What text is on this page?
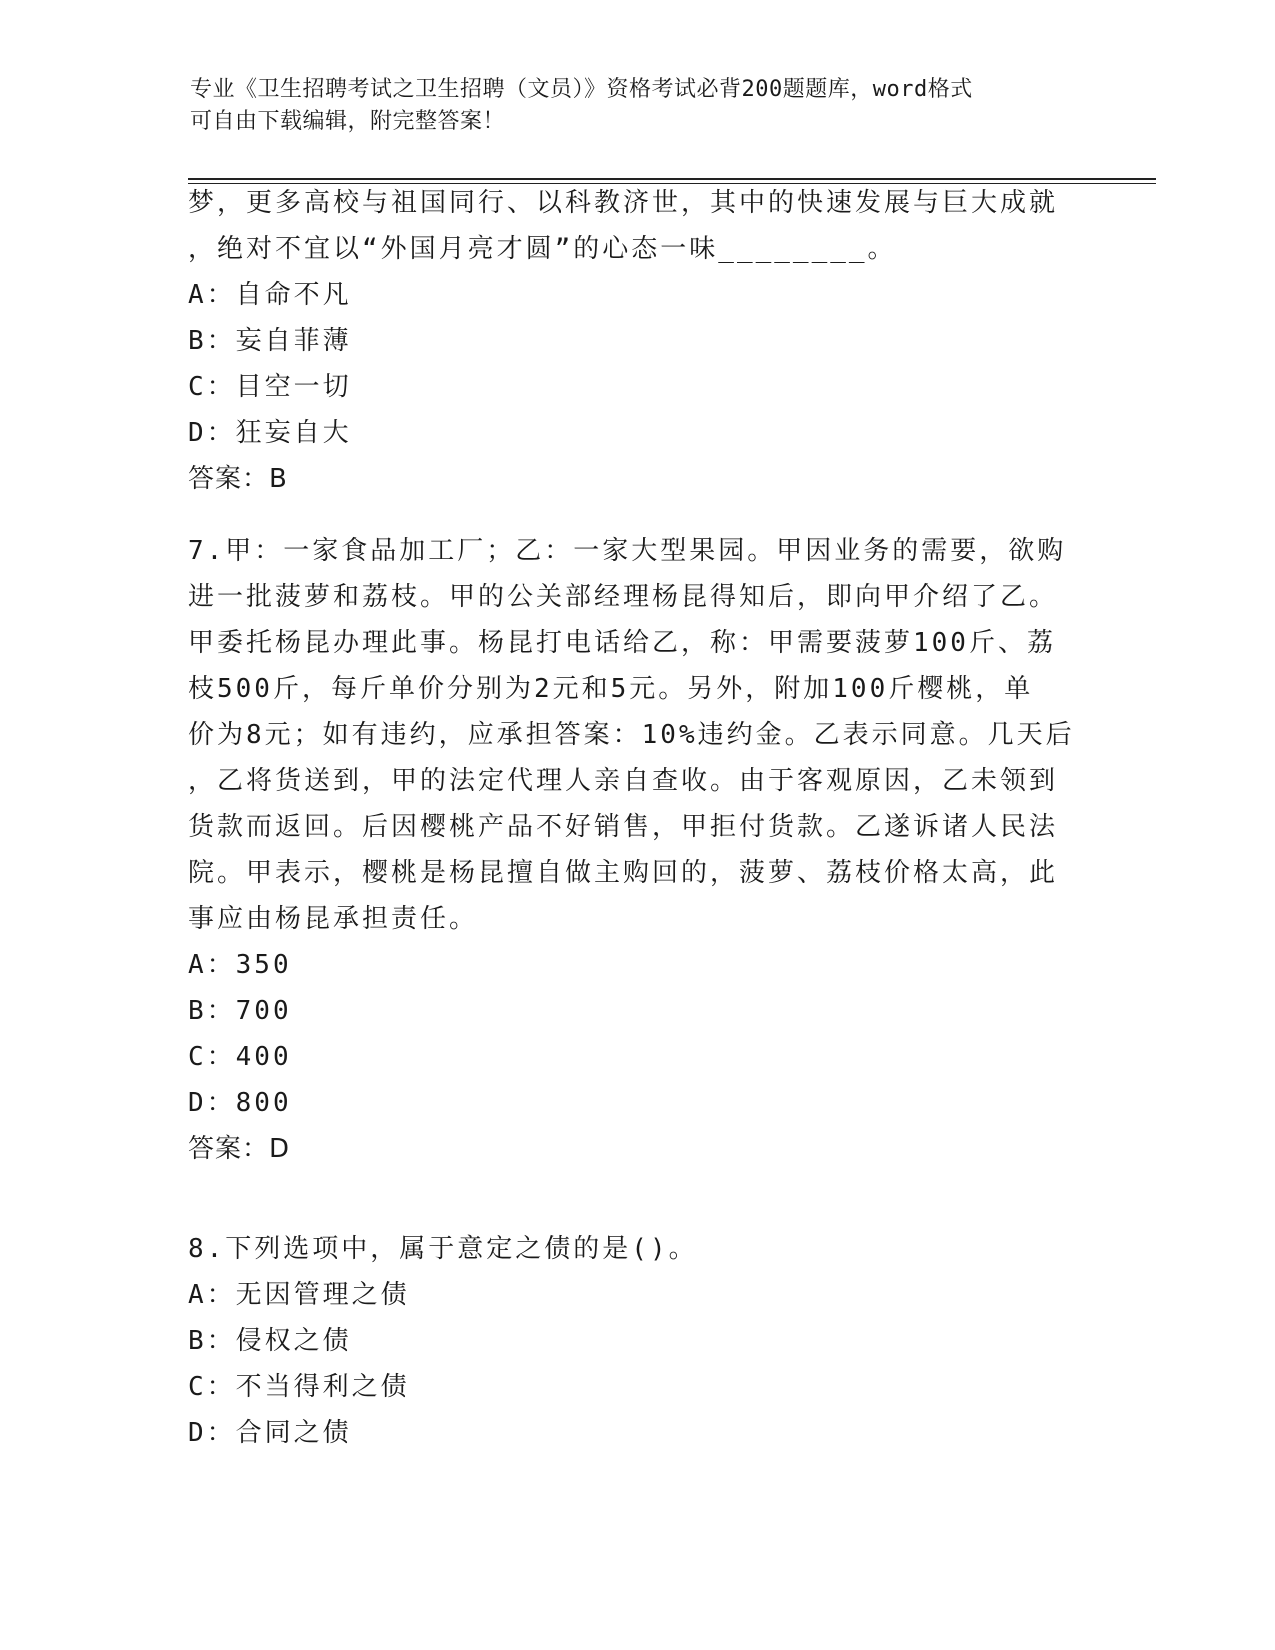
专业《卫生招聘考试之卫生招聘（文员）》资格考试必背200题题库，word格式
可自由下载编辑，附完整答案！
梦，更多高校与祖国同行、以科教济世，其中的快速发展与巨大成就
，绝对不宜以“外国月亮才圆”的心态一味________。
A：自命不凡
B：妄自菲薄
C：目空一切
D：狂妄自大
答案：B
7.甲：一家食品加工厂；乙：一家大型果园。甲因业务的需要，欲购
进一批菠萝和荔枝。甲的公关部经理杨昆得知后，即向甲介绍了乙。
甲委托杨昆办理此事。杨昆打电话给乙，称：甲需要菠萝100斤、荔
枝500斤，每斤单价分别为2元和5元。另外，附加100斤樱桃，单
价为8元；如有违约，应承担答案：10%违约金。乙表示同意。几天后
，乙将货送到，甲的法定代理人亲自查收。由于客观原因，乙未领到
货款而返回。后因樱桃产品不好销售，甲拒付货款。乙遂诉诸人民法
院。甲表示，樱桃是杨昆擅自做主购回的，菠萝、荔枝价格太高，此
事应由杨昆承担责任。
A：350
B：700
C：400
D：800
答案：D
8.下列选项中，属于意定之债的是()。
A：无因管理之债
B：侵权之债
C：不当得利之债
D：合同之债
